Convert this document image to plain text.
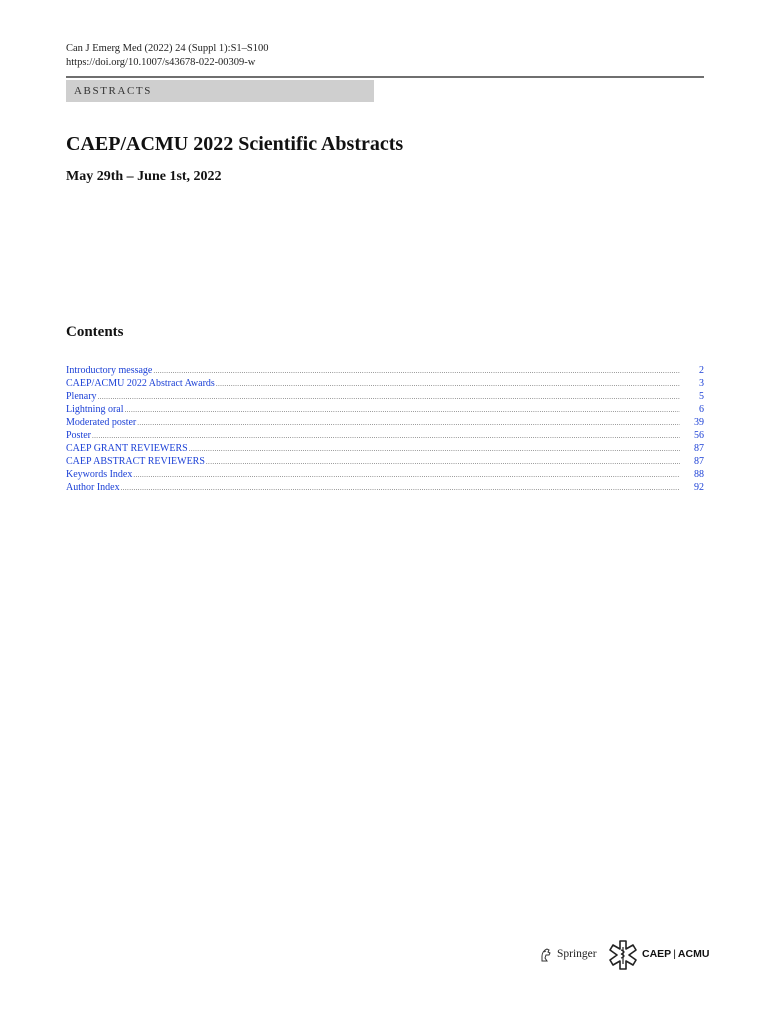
Can J Emerg Med (2022) 24 (Suppl 1):S1–S100
https://doi.org/10.1007/s43678-022-00309-w
ABSTRACTS
CAEP/ACMU 2022 Scientific Abstracts
May 29th – June 1st, 2022
Contents
Introductory message .....	2
CAEP/ACMU 2022 Abstract Awards .....	3
Plenary .....	5
Lightning oral .....	6
Moderated poster .....	39
Poster .....	56
CAEP GRANT REVIEWERS .....	87
CAEP ABSTRACT REVIEWERS .....	87
Keywords Index .....	88
Author Index .....	92
Springer	CAEP | ACMU
